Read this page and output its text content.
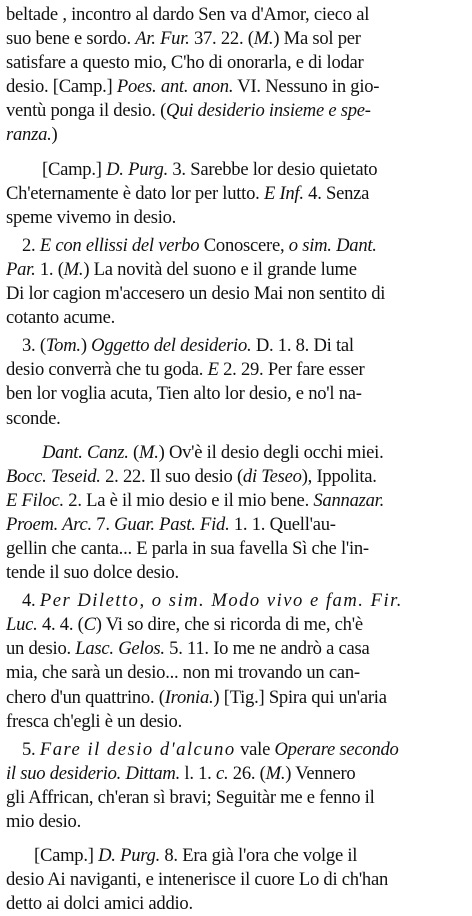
beltade , incontro al dardo Sen va d'Amor, cieco al
suo bene e sordo. Ar. Fur. 37. 22. (M.) Ma sol per
satisfare a questo mio, C'ho di onorarla, e di lodar
desio. [Camp.] Poes. ant. anon. VI. Nessuno in gio-
ventù ponga il desio. (Qui desiderio insieme e spe-
ranza.)
[Camp.] D. Purg. 3. Sarebbe lor desio quietato
Ch'eternamente è dato lor per lutto. E Inf. 4. Senza
speme vivemo in desio.
2. E con ellissi del verbo Conoscere, o sim. Dant.
Par. 1. (M.) La novità del suono e il grande lume
Di lor cagion m'accesero un desio Mai non sentito di
cotanto acume.
3. (Tom.) Oggetto del desiderio. D. 1. 8. Di tal
desio converrà che tu goda. E 2. 29. Per fare esser
ben lor voglia acuta, Tien alto lor desio, e no'l na-
sconde.
Dant. Canz. (M.) Ov'è il desio degli occhi miei.
Bocc. Teseid. 2. 22. Il suo desio (di Teseo), Ippolita.
E Filoc. 2. La è il mio desio e il mio bene. Sannazar.
Proem. Arc. 7. Guar. Past. Fid. 1. 1. Quell'au-
gellin che canta... E parla in sua favella Sì che l'in-
tende il suo dolce desio.
4. Per Diletto, o sim. Modo vivo e fam. Fir.
Luc. 4. 4. (C) Vi so dire, che si ricorda di me, ch'è
un desio. Lasc. Gelos. 5. 11. Io me ne andrò a casa
mia, che sarà un desio... non mi trovando un can-
chero d'un quattrino. (Ironia.) [Tig.] Spira qui un'aria
fresca ch'egli è un desio.
5. Fare il desio d'alcuno vale Operare secondo
il suo desiderio. Dittam. l. 1. c. 26. (M.) Vennero
gli Affrican, ch'eran sì bravi; Seguitàr me e fenno il
mio desio.
[Camp.] D. Purg. 8. Era già l'ora che volge il
desio Ai naviganti, e intenerisce il cuore Lo di ch'han
detto ai dolci amici addio.
